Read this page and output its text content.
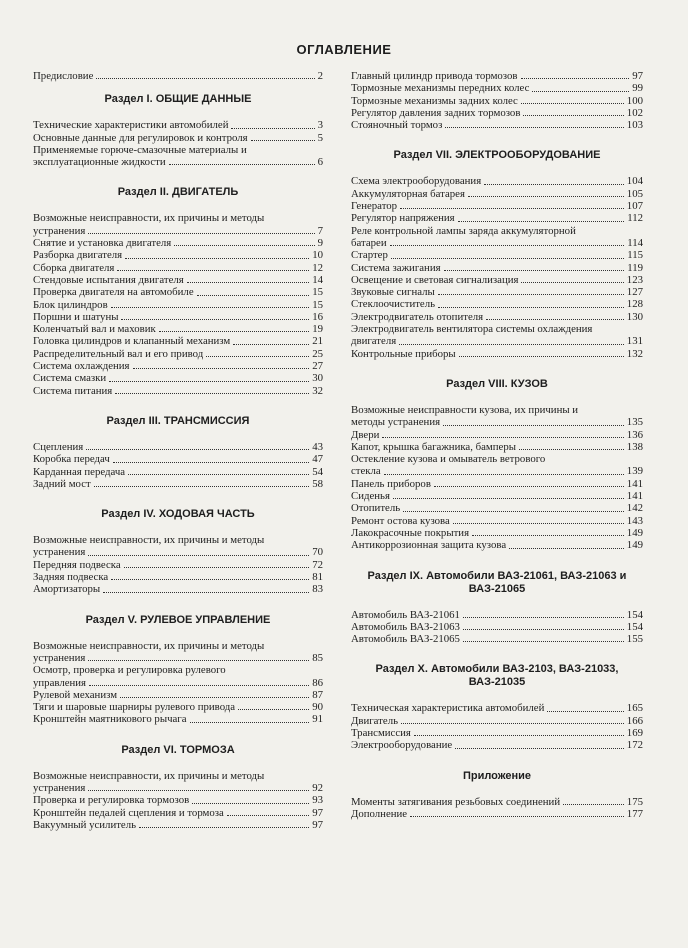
ОГЛАВЛЕНИЕ
Предисловие	2
Раздел I. ОБЩИЕ ДАННЫЕ
Технические характеристики автомобилей	3
Основные данные для регулировок и контроля	5
Применяемые горюче-смазочные материалы и
эксплуатационные жидкости	6
Раздел II. ДВИГАТЕЛЬ
Возможные неисправности, их причины и методы
устранения	7
Снятие и установка двигателя	9
Разборка двигателя	10
Сборка двигателя	12
Стендовые испытания двигателя	14
Проверка двигателя на автомобиле	15
Блок цилиндров	15
Поршни и шатуны	16
Коленчатый вал и маховик	19
Головка цилиндров и клапанный механизм	21
Распределительный вал и его привод	25
Система охлаждения	27
Система смазки	30
Система питания	32
Раздел III. ТРАНСМИССИЯ
Сцепления	43
Коробка передач	47
Карданная передача	54
Задний мост	58
Раздел IV. ХОДОВАЯ ЧАСТЬ
Возможные неисправности, их причины и методы
устранения	70
Передняя подвеска	72
Задняя подвеска	81
Амортизаторы	83
Раздел V. РУЛЕВОЕ УПРАВЛЕНИЕ
Возможные неисправности, их причины и методы
устранения	85
Осмотр, проверка и регулировка рулевого
управления	86
Рулевой механизм	87
Тяги и шаровые шарниры рулевого привода	90
Кронштейн маятникового рычага	91
Раздел VI. ТОРМОЗА
Возможные неисправности, их причины и методы
устранения	92
Проверка и регулировка тормозов	93
Кронштейн педалей сцепления и тормоза	97
Вакуумный усилитель	97
Главный цилиндр привода тормозов	97
Тормозные механизмы передних колес	99
Тормозные механизмы задних колес	100
Регулятор давления задних тормозов	102
Стояночный тормоз	103
Раздел VII. ЭЛЕКТРООБОРУДОВАНИЕ
Схема электрооборудования	104
Аккумуляторная батарея	105
Генератор	107
Регулятор напряжения	112
Реле контрольной лампы заряда аккумуляторной
батареи	114
Стартер	115
Система зажигания	119
Освещение и световая сигнализация	123
Звуковые сигналы	127
Стеклоочиститель	128
Электродвигатель отопителя	130
Электродвигатель вентилятора системы охлаждения
двигателя	131
Контрольные приборы	132
Раздел VIII. КУЗОВ
Возможные неисправности кузова, их причины и
методы устранения	135
Двери	136
Капот, крышка багажника, бамперы	138
Остекление кузова и омыватель ветрового
стекла	139
Панель приборов	141
Сиденья	141
Отопитель	142
Ремонт остова кузова	143
Лакокрасочные покрытия	149
Антикоррозионная защита кузова	149
Раздел IX. Автомобили ВАЗ-21061, ВАЗ-21063 и ВАЗ-21065
Автомобиль ВАЗ-21061	154
Автомобиль ВАЗ-21063	154
Автомобиль ВАЗ-21065	155
Раздел X. Автомобили ВАЗ-2103, ВАЗ-21033, ВАЗ-21035
Техническая характеристика автомобилей	165
Двигатель	166
Трансмиссия	169
Электрооборудование	172
Приложение
Моменты затягивания резьбовых соединений	175
Дополнение	177
